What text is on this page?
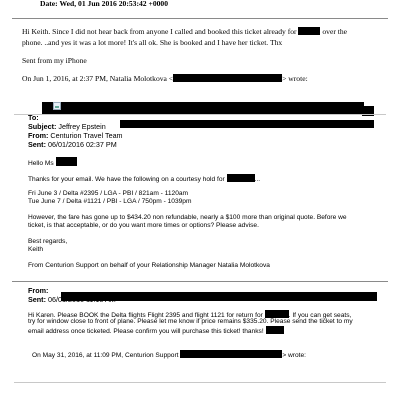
Date: Wed, 01 Jun 2016 20:53:42 +0000
Hi Keith. Since I did not hear back from anyone I called and booked this ticket already for	over the
phone. ..and yes it was a lot more! It's all ok. She is booked and I have her ticket. Thx
Sent from my iPhone
On Jun 1, 2016, at 2:37 PM, Natalia Molotkova <	> wrote:
To:
Subject: Jeffrey Epstein
From: Centurion Travel Team
Sent: 06/01/2016 02:37 PM
Hello Ms
Thanks for your email. We have the following on a courtesy hold for	...
Fri June 3 / Delta #2395 / LGA - PBI / 821am - 1120am
Tue June 7 / Delta #1121 / PBI - LGA / 750pm - 1039pm
However, the fare has gone up to $434.20 non refundable, nearly a $100 more than original quote. Before we
ticket, is that acceptable, or do you want more times or options? Please advise.
Best regards,
Keith
From Centurion Support on behalf of your Relationship Manager Natalia Molotkova
From:
Sent: 06/01/2016 11:18 AM
Hi Karen. Please BOOK the Delta flights Flight 2395 and flight 1121 for return for	. If you can get seats,
try for window close to front of plane. Please let me know if price remains $335.20. Please send the ticket to my
email address once ticketed. Please confirm you will purchase this ticket! thanks!
On May 31, 2016, at 11:09 PM, Centurion Support	> wrote:
